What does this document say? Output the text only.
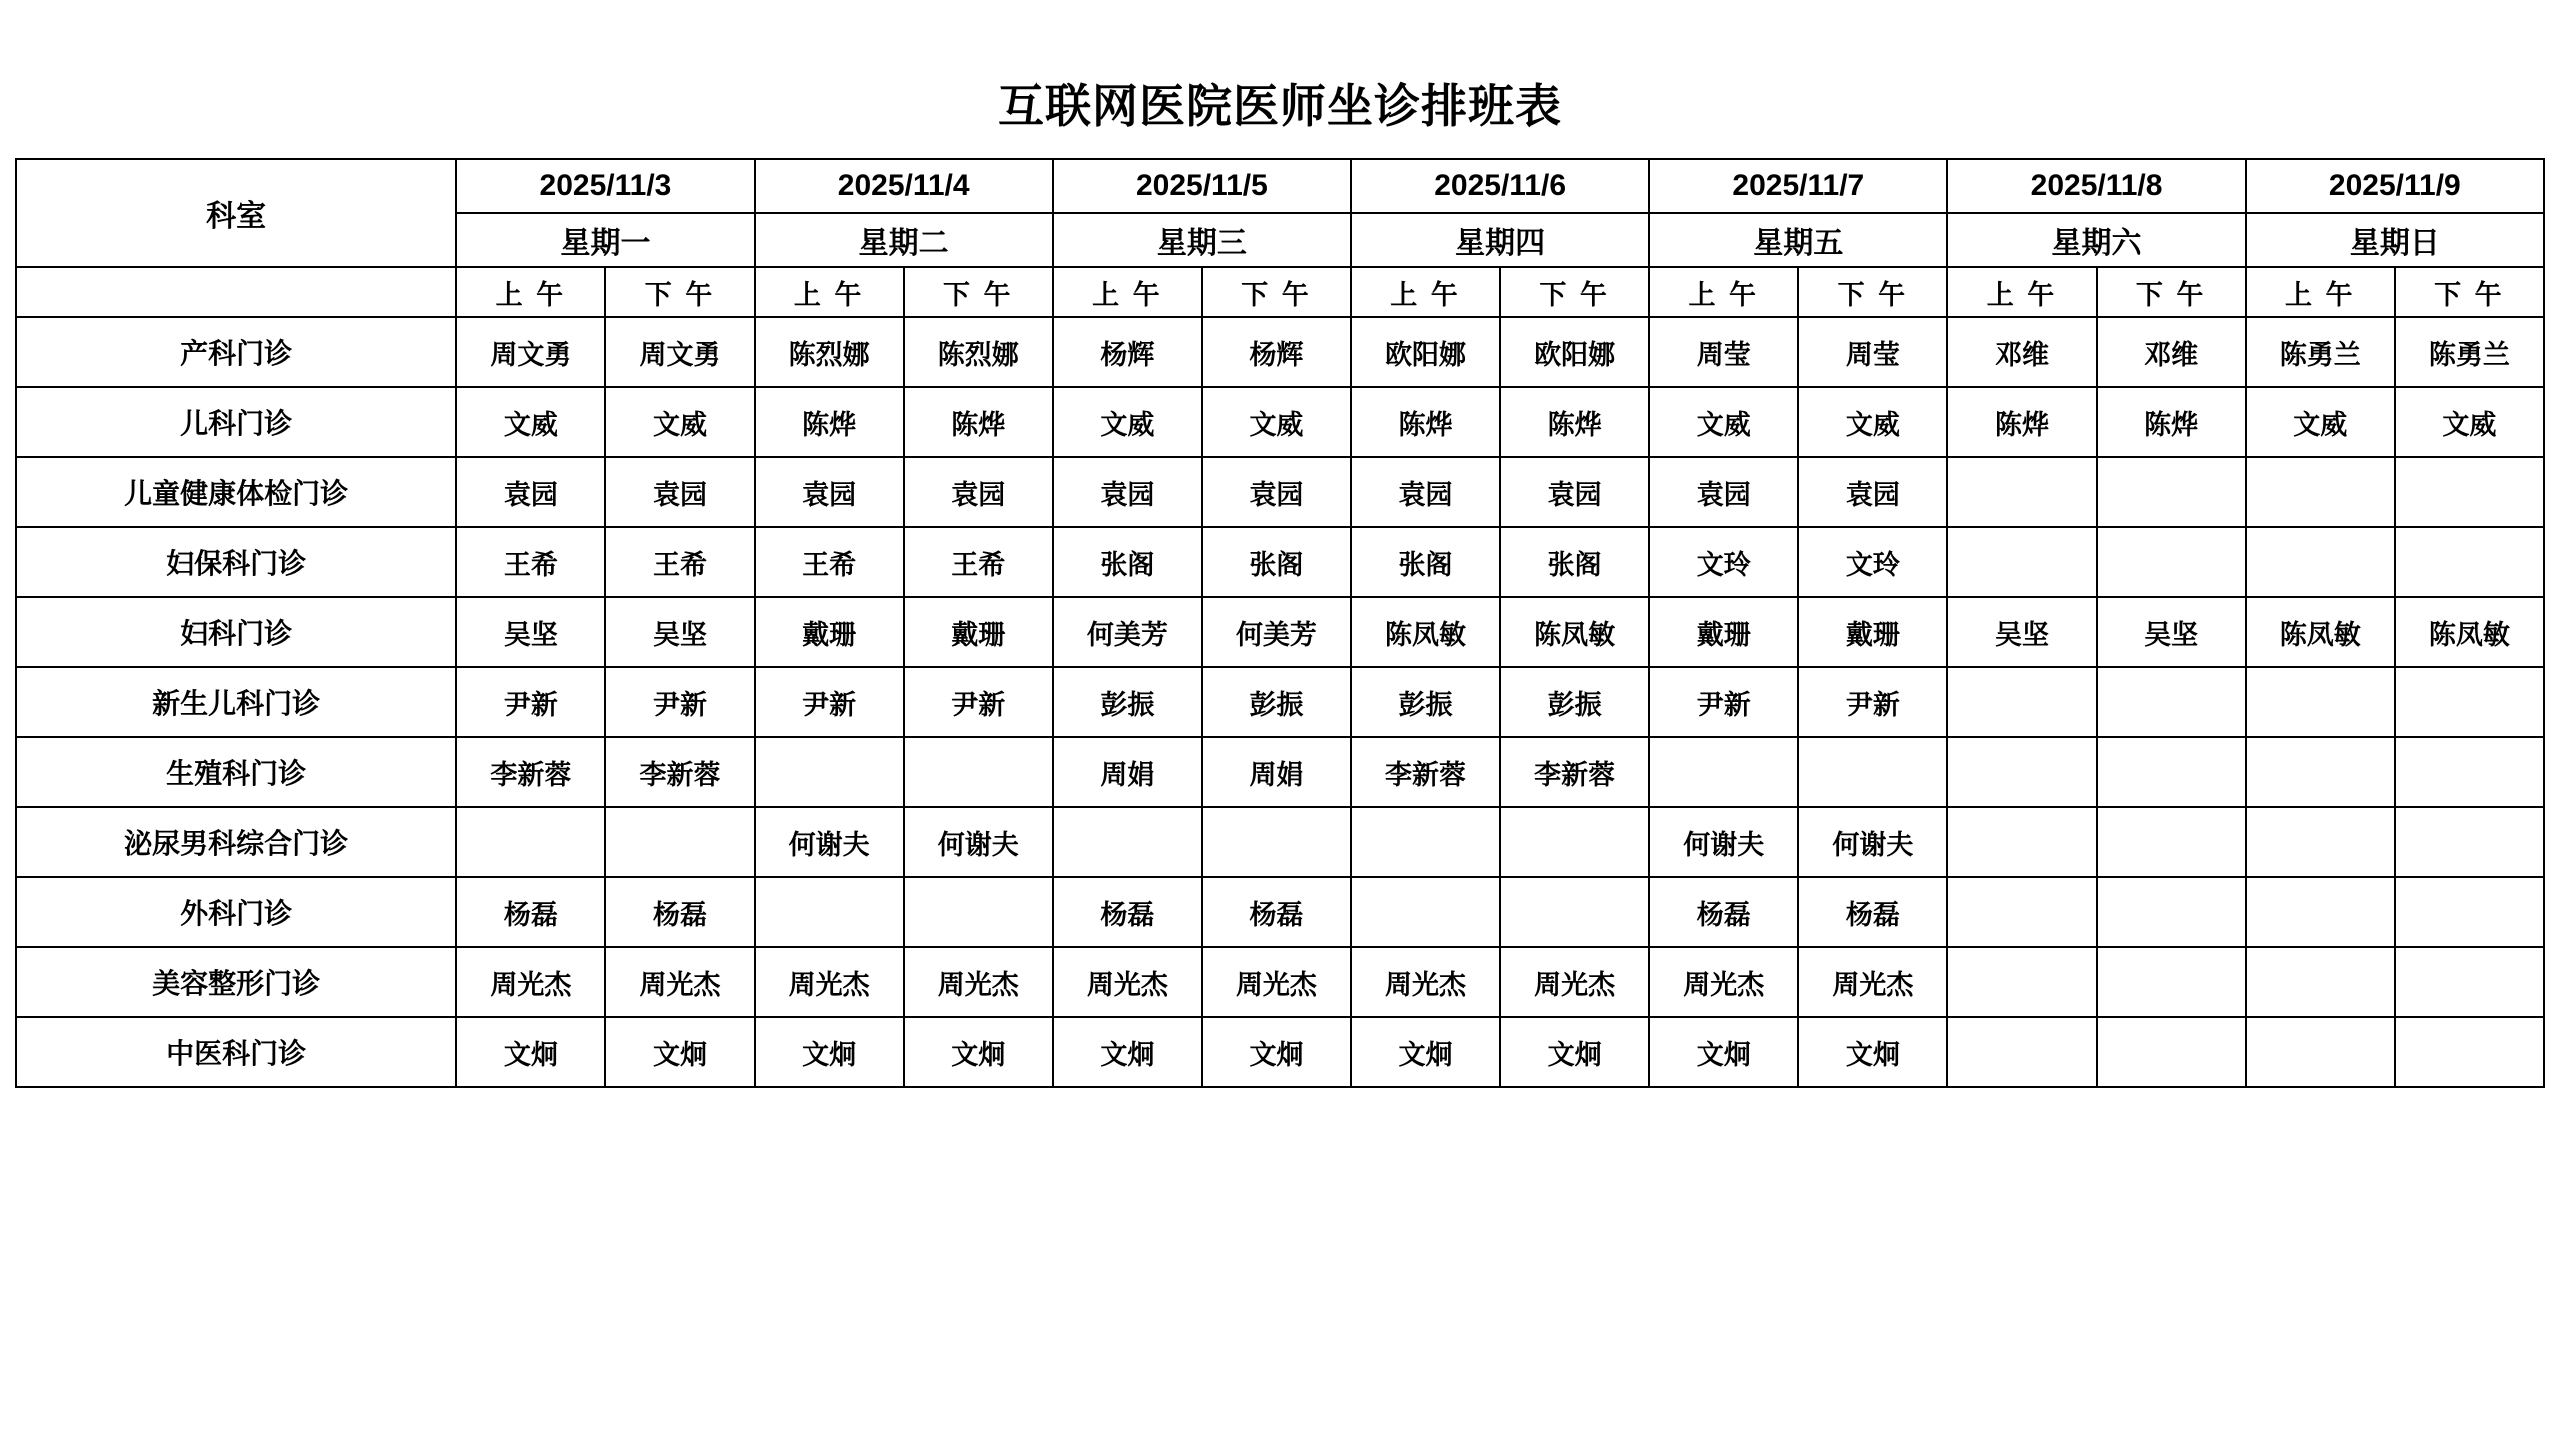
互联网医院医师坐诊排班表
科室	2025/11/3		2025/11/4		2025/11/5		2025/11/6		2025/11/7		2025/11/8		2025/11/9	
	星期一		星期二		星期三		星期四		星期五		星期六		星期日	
	上 午	下 午	上 午	下 午	上 午	下 午	上 午	下 午	上 午	下 午	上 午	下 午	上 午	下 午
产科门诊	周文勇	周文勇	陈烈娜	陈烈娜	杨辉	杨辉	欧阳娜	欧阳娜	周莹	周莹	邓维	邓维	陈勇兰	陈勇兰
儿科门诊	文威	文威	陈烨	陈烨	文威	文威	陈烨	陈烨	文威	文威	陈烨	陈烨	文威	文威
儿童健康体检门诊	袁园	袁园	袁园	袁园	袁园	袁园	袁园	袁园	袁园	袁园				
妇保科门诊	王希	王希	王希	王希	张阁	张阁	张阁	张阁	文玲	文玲				
妇科门诊	吴坚	吴坚	戴珊	戴珊	何美芳	何美芳	陈凤敏	陈凤敏	戴珊	戴珊	吴坚	吴坚	陈凤敏	陈凤敏
新生儿科门诊	尹新	尹新	尹新	尹新	彭振	彭振	彭振	彭振	尹新	尹新				
生殖科门诊	李新蓉	李新蓉			周娟	周娟	李新蓉	李新蓉						
泌尿男科综合门诊			何谢夫	何谢夫					何谢夫	何谢夫				
外科门诊	杨磊	杨磊			杨磊	杨磊			杨磊	杨磊				
美容整形门诊	周光杰	周光杰	周光杰	周光杰	周光杰	周光杰	周光杰	周光杰	周光杰	周光杰				
中医科门诊	文炯	文炯	文炯	文炯	文炯	文炯	文炯	文炯	文炯	文炯				
